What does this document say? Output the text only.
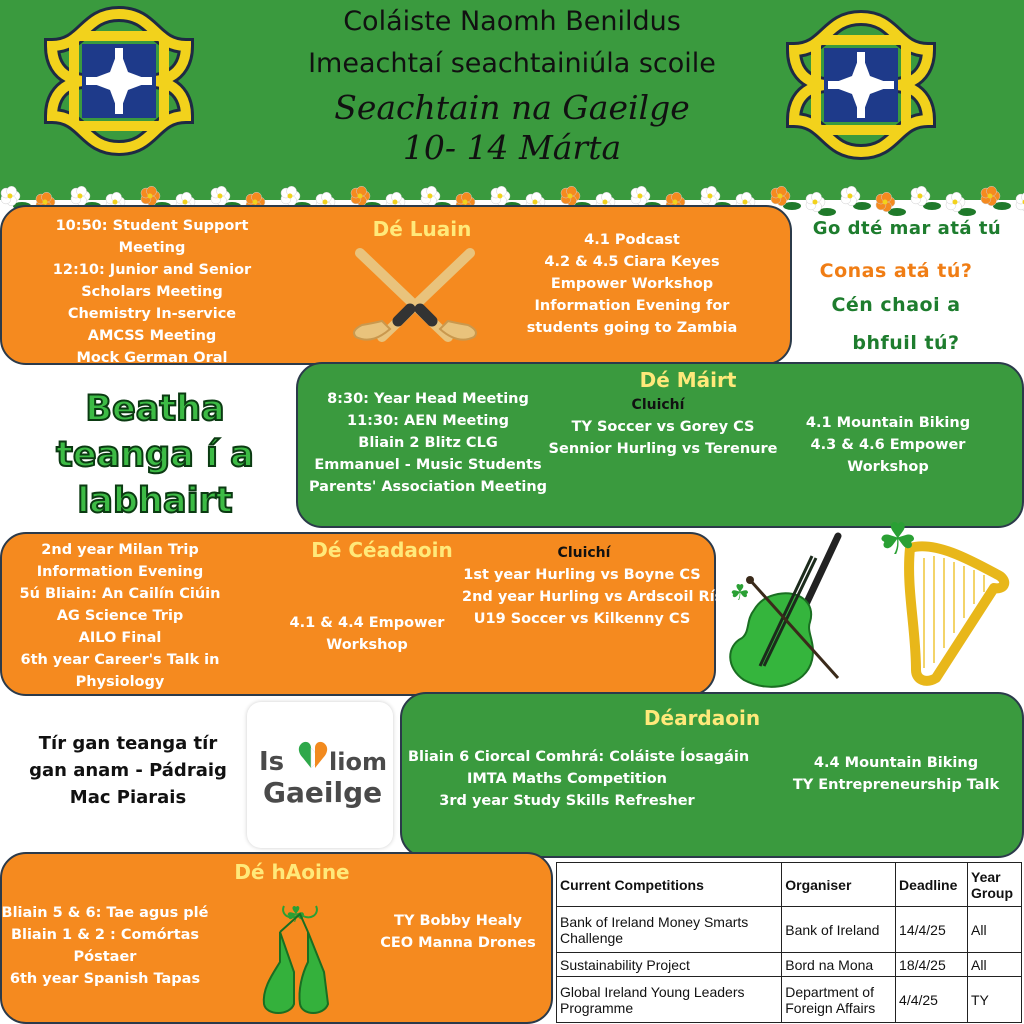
Coláiste Naomh Benildus
Imeachtaí seachtainiúla scoile
Seachtain na Gaeilge
10- 14 Márta
Dé Luain
10:50: Student Support
Meeting
12:10: Junior and Senior
Scholars Meeting
Chemistry In-service
AMCSS Meeting
Mock German Oral
4.1 Podcast
4.2 & 4.5 Ciara Keyes
Empower Workshop
Information Evening for
students going to Zambia
Go dté mar atá tú
Conas atá tú?
Cén chaoi a
bhfuil tú?
Beatha
teanga í a
labhairt
Dé Máirt
8:30: Year Head Meeting
11:30: AEN Meeting
Bliain 2 Blitz CLG
Emmanuel - Music Students
Parents' Association Meeting
Cluichí
TY Soccer vs Gorey CS
Sennior Hurling vs Terenure
4.1 Mountain Biking
4.3 & 4.6 Empower
Workshop
Dé Céadaoin
2nd year Milan Trip
Information Evening
5ú Bliain: An Cailín Ciúin
AG Science Trip
AILO Final
6th year Career's Talk in
Physiology
4.1 & 4.4 Empower Workshop
Cluichí
1st year Hurling vs Boyne CS
2nd year Hurling vs Ardscoil Rís
U19 Soccer vs Kilkenny CS
☘
☘
Tír gan teanga tír gan anam - Pádraig Mac Piarais
Is liom
Gaeilge
Déardaoin
Bliain 6 Ciorcal Comhrá: Coláiste Íosagáin
IMTA Maths Competition
3rd year Study Skills Refresher
4.4 Mountain Biking
TY Entrepreneurship Talk
Dé hAoine
Bliain 5 & 6: Tae agus plé
Bliain 1 & 2 : Comórtas
Póstaer
6th year Spanish Tapas
☘	TY Bobby Healy
CEO Manna Drones
Current Competitions	Organiser	Deadline	Year Group
Bank of Ireland Money Smarts Challenge	Bank of Ireland	14/4/25	All
Sustainability Project	Bord na Mona	18/4/25	All
Global Ireland Young Leaders Programme	Department of Foreign Affairs	4/4/25	TY
